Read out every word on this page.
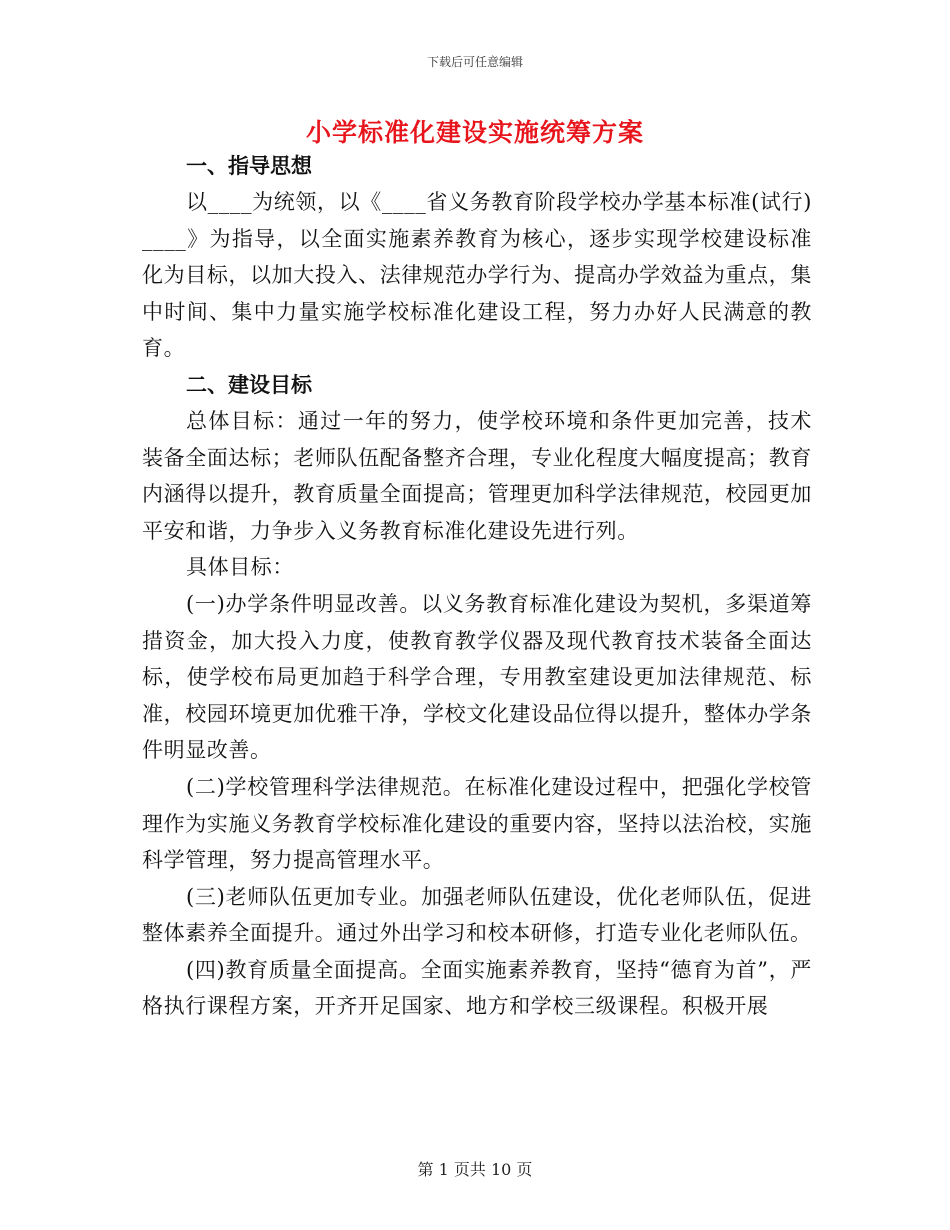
下载后可任意编辑
小学标准化建设实施统筹方案

一、指导思想

以____为统领，以《____省义务教育阶段学校办学基本标准(试行)____》为指导，以全面实施素养教育为核心，逐步实现学校建设标准化为目标，以加大投入、法律规范办学行为、提高办学效益为重点，集中时间、集中力量实施学校标准化建设工程，努力办好人民满意的教育。

二、建设目标

总体目标：通过一年的努力，使学校环境和条件更加完善，技术装备全面达标；老师队伍配备整齐合理，专业化程度大幅度提高；教育内涵得以提升，教育质量全面提高；管理更加科学法律规范，校园更加平安和谐，力争步入义务教育标准化建设先进行列。

具体目标：

(一)办学条件明显改善。以义务教育标准化建设为契机，多渠道筹措资金，加大投入力度，使教育教学仪器及现代教育技术装备全面达标，使学校布局更加趋于科学合理，专用教室建设更加法律规范、标准，校园环境更加优雅干净，学校文化建设品位得以提升，整体办学条件明显改善。

(二)学校管理科学法律规范。在标准化建设过程中，把强化学校管理作为实施义务教育学校标准化建设的重要内容，坚持以法治校，实施科学管理，努力提高管理水平。

(三)老师队伍更加专业。加强老师队伍建设，优化老师队伍，促进整体素养全面提升。通过外出学习和校本研修，打造专业化老师队伍。

(四)教育质量全面提高。全面实施素养教育，坚持“德育为首”，严格执行课程方案，开齐开足国家、地方和学校三级课程。积极开展

第 1 页共 10 页
